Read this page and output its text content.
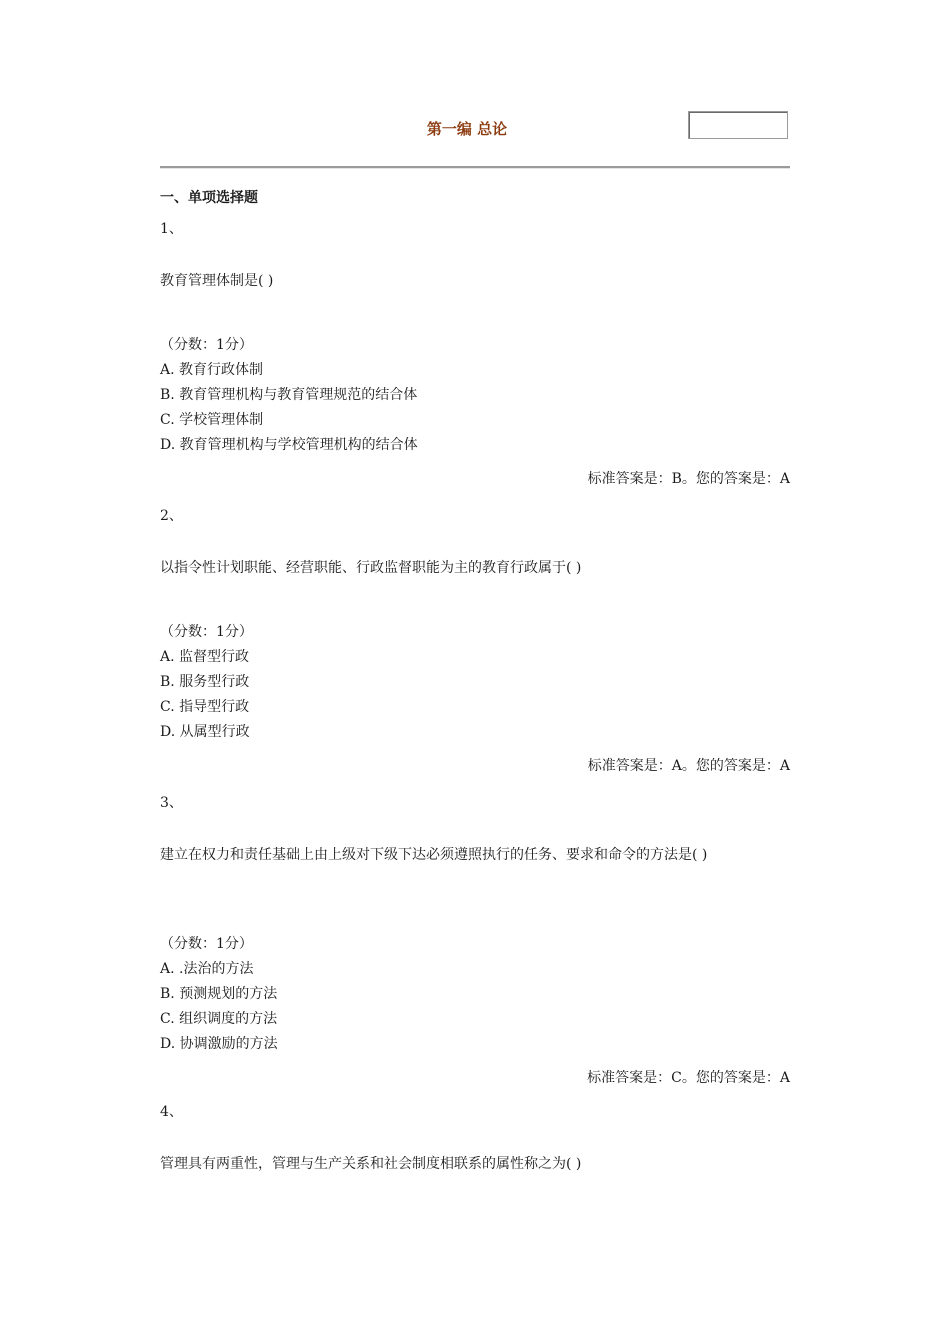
第一编 总论
一、单项选择题
1、
教育管理体制是( )
（分数：1分）
A. 教育行政体制
B. 教育管理机构与教育管理规范的结合体
C. 学校管理体制
D. 教育管理机构与学校管理机构的结合体
标准答案是：B。您的答案是：A
2、
以指令性计划职能、经营职能、行政监督职能为主的教育行政属于( )
（分数：1分）
A. 监督型行政
B. 服务型行政
C. 指导型行政
D. 从属型行政
标准答案是：A。您的答案是：A
3、
建立在权力和责任基础上由上级对下级下达必须遵照执行的任务、要求和命令的方法是( )
（分数：1分）
A. .法治的方法
B. 预测规划的方法
C. 组织调度的方法
D. 协调激励的方法
标准答案是：C。您的答案是：A
4、
管理具有两重性，管理与生产关系和社会制度相联系的属性称之为( )
